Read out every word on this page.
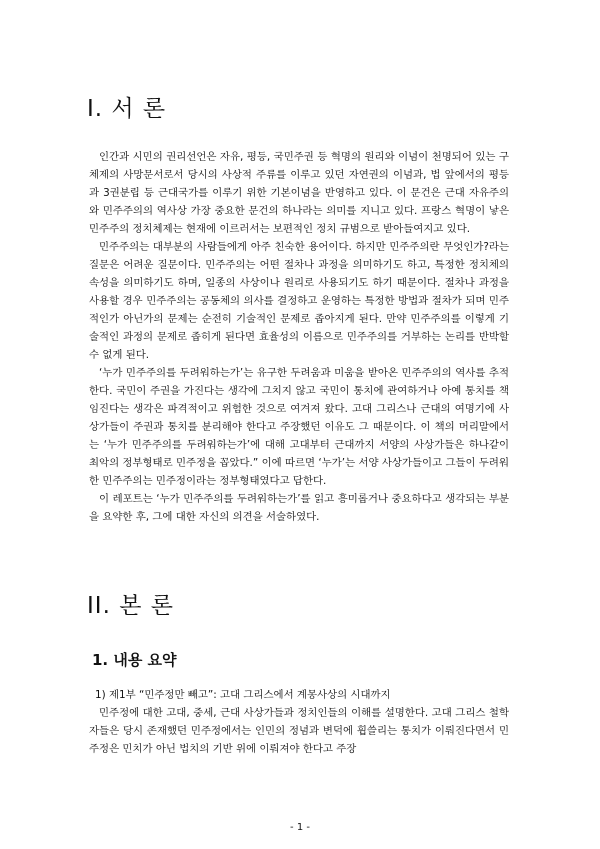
I. 서 론

인간과 시민의 권리선언은 자유, 평등, 국민주권 등 혁명의 원리와 이념이 천명되어 있는 구체제의 사망문서로서 당시의 사상적 주류를 이루고 있던 자연권의 이념과, 법 앞에서의 평등과 3권분립 등 근대국가를 이루기 위한 기본이념을 반영하고 있다. 이 문건은 근대 자유주의와 민주주의의 역사상 가장 중요한 문건의 하나라는 의미를 지니고 있다. 프랑스 혁명이 낳은 민주주의 정치체제는 현재에 이르러서는 보편적인 정치 규범으로 받아들여지고 있다.

민주주의는 대부분의 사람들에게 아주 친숙한 용어이다. 하지만 민주주의란 무엇인가?라는 질문은 어려운 질문이다. 민주주의는 어떤 절차나 과정을 의미하기도 하고, 특정한 정치체의 속성을 의미하기도 하며, 일종의 사상이나 원리로 사용되기도 하기 때문이다. 절차나 과정을 사용할 경우 민주주의는 공동체의 의사를 결정하고 운영하는 특정한 방법과 절차가 되며 민주적인가 아닌가의 문제는 순전히 기술적인 문제로 좁아지게 된다. 만약 민주주의를 이렇게 기술적인 과정의 문제로 좁히게 된다면 효율성의 이름으로 민주주의를 거부하는 논리를 반박할 수 없게 된다.

‘누가 민주주의를 두려워하는가’는 유구한 두려움과 미움을 받아온 민주주의의 역사를 추적한다. 국민이 주권을 가진다는 생각에 그치지 않고 국민이 통치에 관여하거나 아예 통치를 책임진다는 생각은 파격적이고 위험한 것으로 여겨져 왔다. 고대 그리스나 근대의 여명기에 사상가들이 주권과 통치를 분리해야 한다고 주장했던 이유도 그 때문이다. 이 책의 머리말에서는 ‘누가 민주주의를 두려워하는가’에 대해 고대부터 근대까지 서양의 사상가들은 하나같이 최악의 정부형태로 민주정을 꼽았다.” 이에 따르면 ‘누가’는 서양 사상가들이고 그들이 두려워한 민주주의는 민주정이라는 정부형태였다고 답한다.

이 레포트는 ‘누가 민주주의를 두려워하는가’를 읽고 흥미롭거나 중요하다고 생각되는 부분을 요약한 후, 그에 대한 자신의 의견을 서술하였다.

II. 본 론
1. 내용 요약

1) 제1부 “민주정만 빼고”: 고대 그리스에서 계몽사상의 시대까지

민주정에 대한 고대, 중세, 근대 사상가들과 정치인들의 이해를 설명한다. 고대 그리스 철학자들은 당시 존재했던 민주정에서는 인민의 정념과 변덕에 휩쓸리는 통치가 이뤄진다면서 민주정은 민치가 아닌 법치의 기반 위에 이뤄져야 한다고 주장

- 1 -
